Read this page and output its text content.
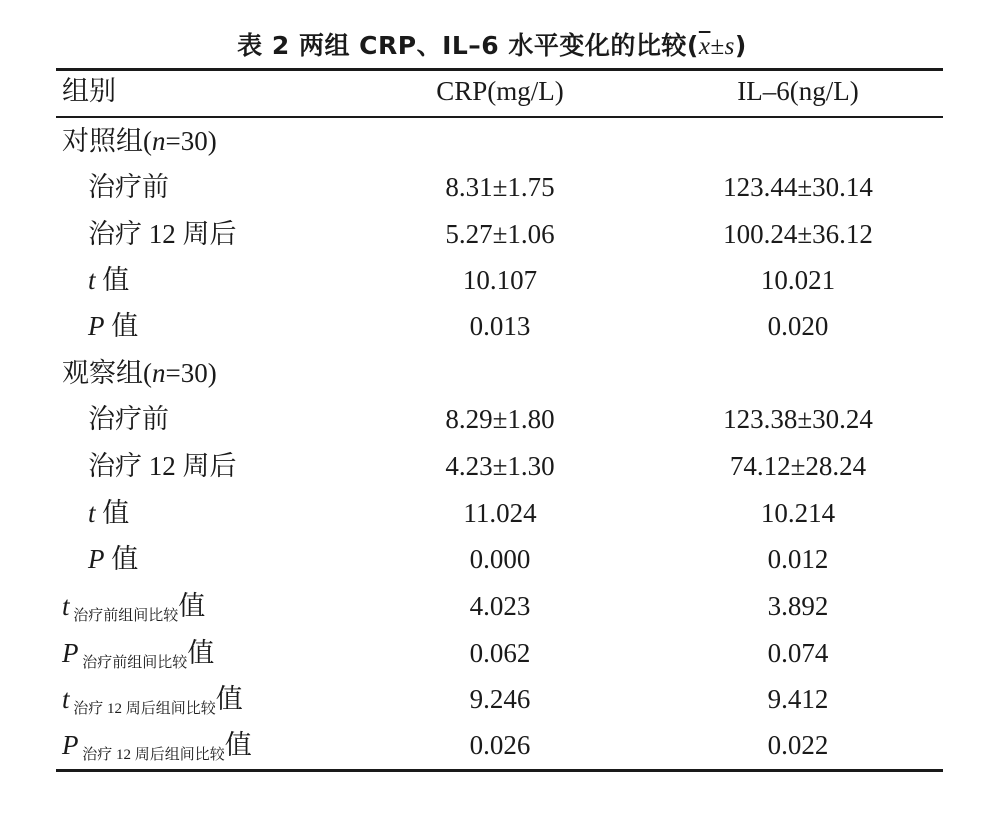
表 2 两组 CRP、IL–6 水平变化的比较$(\overline{x}\pm s)$
组别	CRP(mg/L)	IL–6(ng/L)
对照组(n=30)
治疗前	8.31±1.75	123.44±30.14
治疗 12 周后	5.27±1.06	100.24±36.12
t 值	10.107	10.021
P 值	0.013	0.020
观察组(n=30)
治疗前	8.29±1.80	123.38±30.24
治疗 12 周后	4.23±1.30	74.12±28.24
t 值	11.024	10.214
P 值	0.000	0.012
t $_{治疗前组间比较}$值	4.023	3.892
P $_{治疗前组间比较}$值	0.062	0.074
t $_{治疗 12 周后组间比较}$值	9.246	9.412
P $_{治疗 12 周后组间比较}$值	0.026	0.022
